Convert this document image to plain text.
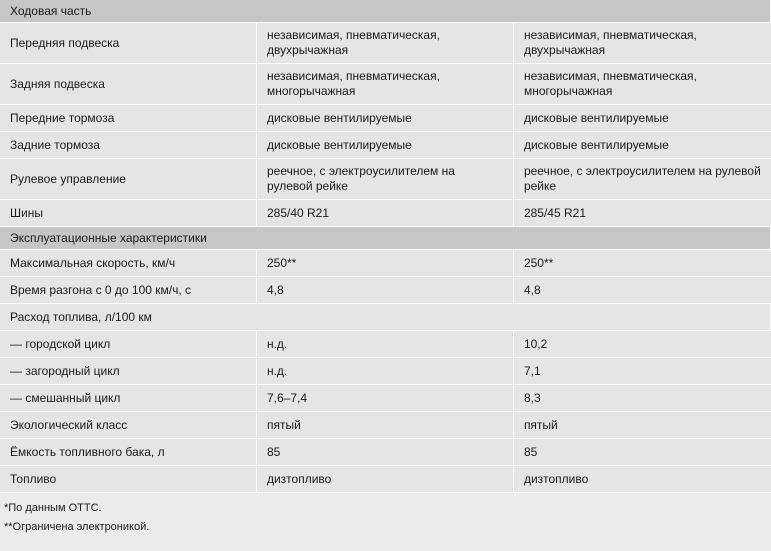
Ходовая часть		
Передняя подвеска	независимая, пневматическая, двухрычажная	независимая, пневматическая, двухрычажная
Задняя подвеска	независимая, пневматическая, многорычажная	независимая, пневматическая, многорычажная
Передние тормоза	дисковые вентилируемые	дисковые вентилируемые
Задние тормоза	дисковые вентилируемые	дисковые вентилируемые
Рулевое управление	реечное, с электроусилителем на рулевой рейке	реечное, с электроусилителем на рулевой рейке
Шины	285/40 R21	285/45 R21
Эксплуатационные характеристики		
Максимальная скорость, км/ч	250**	250**
Время разгона с 0 до 100 км/ч, с	4,8	4,8
Расход топлива, л/100 км		
— городской цикл	н.д.	10,2
— загородный цикл	н.д.	7,1
— смешанный цикл	7,6–7,4	8,3
Экологический класс	пятый	пятый
Ёмкость топливного бака, л	85	85
Топливо	дизтопливо	дизтопливо
*По данным ОТТС.
**Ограничена электроникой.
